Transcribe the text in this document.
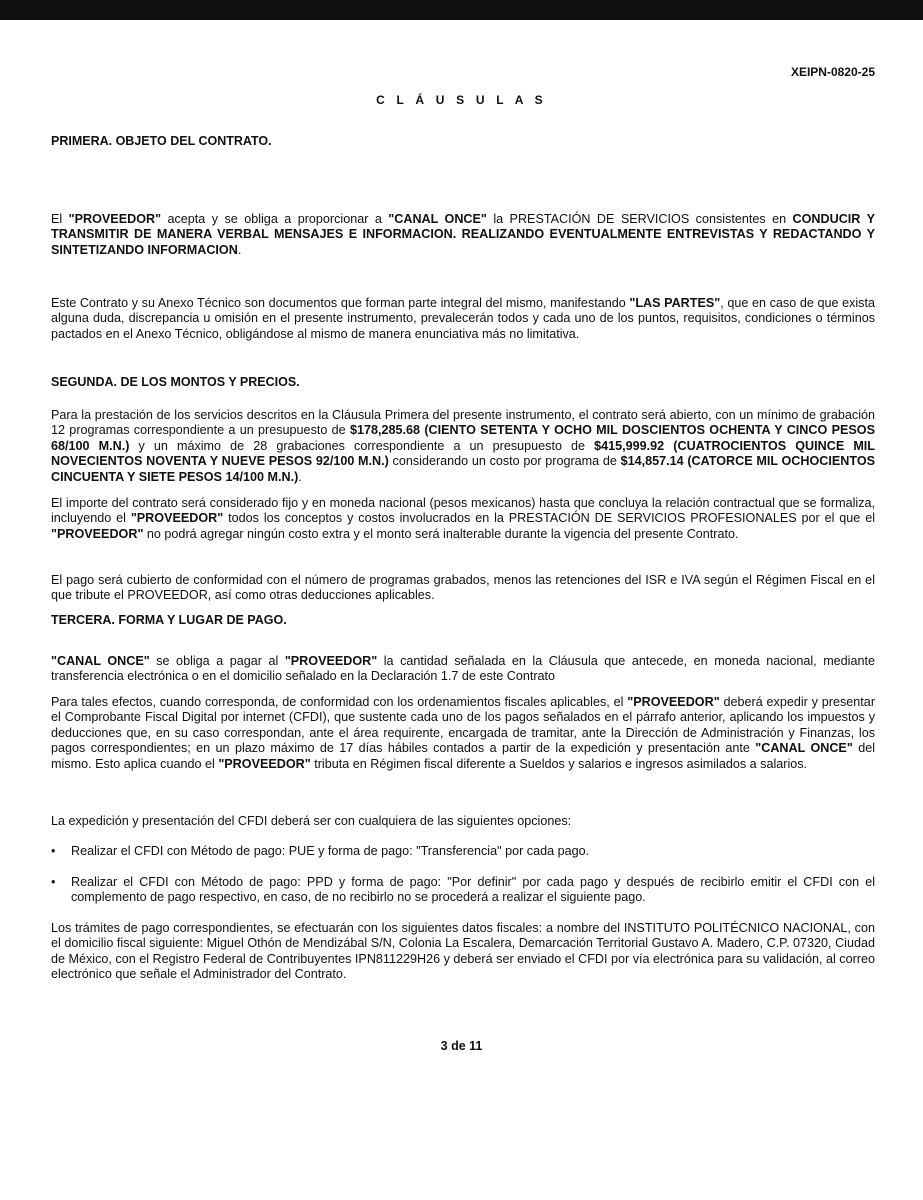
XEIPN-0820-25
C L Á U S U L A S
PRIMERA. OBJETO DEL CONTRATO.

El "PROVEEDOR" acepta y se obliga a proporcionar a "CANAL ONCE" la PRESTACIÓN DE SERVICIOS consistentes en CONDUCIR Y TRANSMITIR DE MANERA VERBAL MENSAJES E INFORMACION. REALIZANDO EVENTUALMENTE ENTREVISTAS Y REDACTANDO Y SINTETIZANDO INFORMACION.

Este Contrato y su Anexo Técnico son documentos que forman parte integral del mismo, manifestando "LAS PARTES", que en caso de que exista alguna duda, discrepancia u omisión en el presente instrumento, prevalecerán todos y cada uno de los puntos, requisitos, condiciones o términos pactados en el Anexo Técnico, obligándose al mismo de manera enunciativa más no limitativa.

SEGUNDA. DE LOS MONTOS Y PRECIOS.

Para la prestación de los servicios descritos en la Cláusula Primera del presente instrumento, el contrato será abierto, con un mínimo de grabación 12 programas correspondiente a un presupuesto de $178,285.68 (CIENTO SETENTA Y OCHO MIL DOSCIENTOS OCHENTA Y CINCO PESOS 68/100 M.N.) y un máximo de 28 grabaciones correspondiente a un presupuesto de $415,999.92 (CUATROCIENTOS QUINCE MIL NOVECIENTOS NOVENTA Y NUEVE PESOS 92/100 M.N.) considerando un costo por programa de $14,857.14 (CATORCE MIL OCHOCIENTOS CINCUENTA Y SIETE PESOS 14/100 M.N.).

El importe del contrato será considerado fijo y en moneda nacional (pesos mexicanos) hasta que concluya la relación contractual que se formaliza, incluyendo el "PROVEEDOR" todos los conceptos y costos involucrados en la PRESTACIÓN DE SERVICIOS PROFESIONALES por el que el "PROVEEDOR" no podrá agregar ningún costo extra y el monto será inalterable durante la vigencia del presente Contrato.

El pago será cubierto de conformidad con el número de programas grabados, menos las retenciones del ISR e IVA según el Régimen Fiscal en el que tribute el PROVEEDOR, así como otras deducciones aplicables.

TERCERA. FORMA Y LUGAR DE PAGO.

"CANAL ONCE" se obliga a pagar al "PROVEEDOR" la cantidad señalada en la Cláusula que antecede, en moneda nacional, mediante transferencia electrónica o en el domicilio señalado en la Declaración 1.7 de este Contrato

Para tales efectos, cuando corresponda, de conformidad con los ordenamientos fiscales aplicables, el "PROVEEDOR" deberá expedir y presentar el Comprobante Fiscal Digital por internet (CFDI), que sustente cada uno de los pagos señalados en el párrafo anterior, aplicando los impuestos y deducciones que, en su caso correspondan, ante el área requirente, encargada de tramitar, ante la Dirección de Administración y Finanzas, los pagos correspondientes; en un plazo máximo de 17 días hábiles contados a partir de la expedición y presentación ante "CANAL ONCE" del mismo. Esto aplica cuando el "PROVEEDOR" tributa en Régimen fiscal diferente a Sueldos y salarios e ingresos asimilados a salarios.

La expedición y presentación del CFDI deberá ser con cualquiera de las siguientes opciones:

• Realizar el CFDI con Método de pago: PUE y forma de pago: "Transferencia" por cada pago.

• Realizar el CFDI con Método de pago: PPD y forma de pago: "Por definir" por cada pago y después de recibirlo emitir el CFDI con el complemento de pago respectivo, en caso, de no recibirlo no se procederá a realizar el siguiente pago.

Los trámites de pago correspondientes, se efectuarán con los siguientes datos fiscales: a nombre del INSTITUTO POLITÉCNICO NACIONAL, con el domicilio fiscal siguiente: Miguel Othón de Mendizábal S/N, Colonia La Escalera, Demarcación Territorial Gustavo A. Madero, C.P. 07320, Ciudad de México, con el Registro Federal de Contribuyentes IPN811229H26 y deberá ser enviado el CFDI por vía electrónica para su validación, al correo electrónico que señale el Administrador del Contrato.

3 de 11
